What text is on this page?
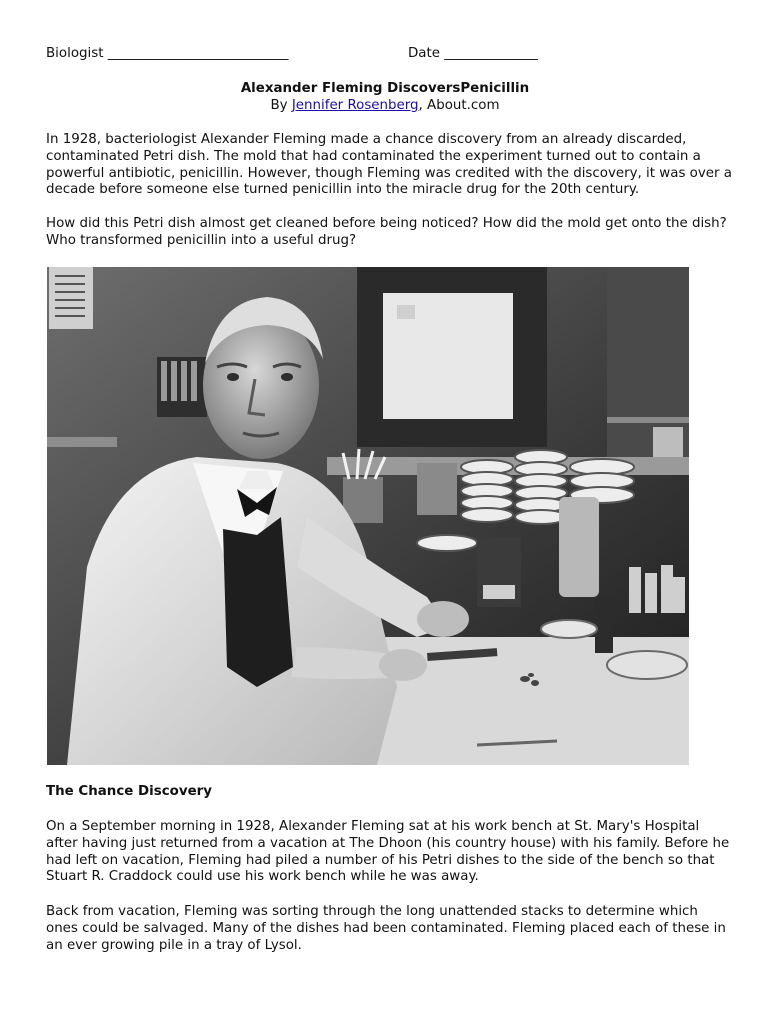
Biologist ___________________________	Date ______________
Alexander Fleming DiscoversPenicillin
By Jennifer Rosenberg, About.com

In 1928, bacteriologist Alexander Fleming made a chance discovery from an already discarded, contaminated Petri dish. The mold that had contaminated the experiment turned out to contain a powerful antibiotic, penicillin. However, though Fleming was credited with the discovery, it was over a decade before someone else turned penicillin into the miracle drug for the 20th century.

How did this Petri dish almost get cleaned before being noticed? How did the mold get onto the dish? Who transformed penicillin into a useful drug?

The Chance Discovery

On a September morning in 1928, Alexander Fleming sat at his work bench at St. Mary's Hospital after having just returned from a vacation at The Dhoon (his country house) with his family. Before he had left on vacation, Fleming had piled a number of his Petri dishes to the side of the bench so that Stuart R. Craddock could use his work bench while he was away.

Back from vacation, Fleming was sorting through the long unattended stacks to determine which ones could be salvaged. Many of the dishes had been contaminated. Fleming placed each of these in an ever growing pile in a tray of Lysol.
